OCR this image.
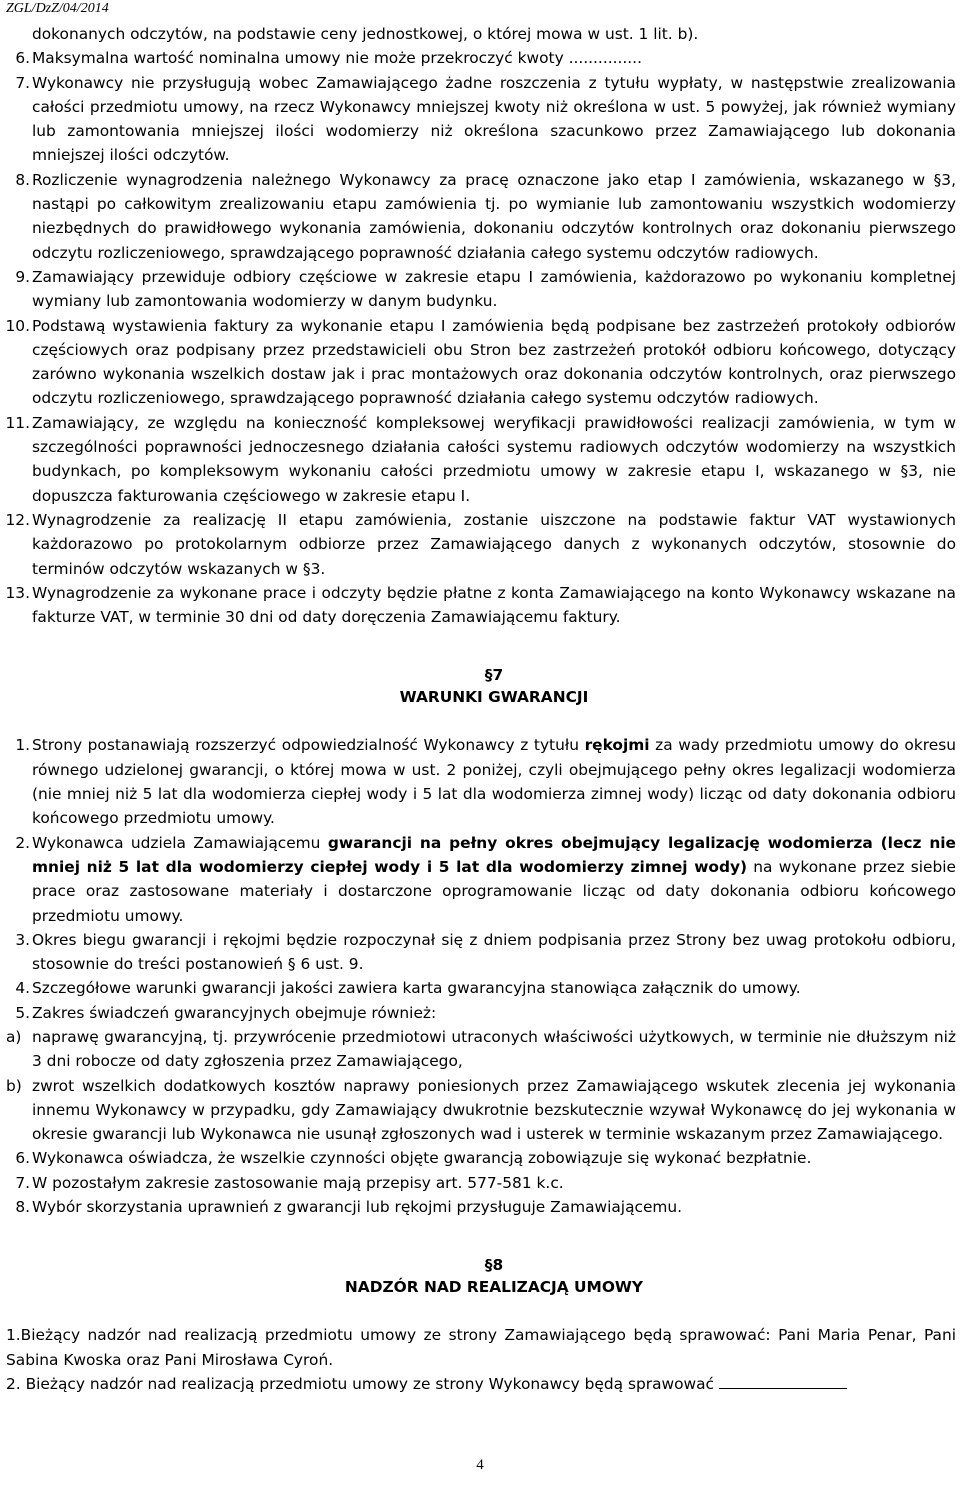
ZGL/DzZ/04/2014
dokonanych odczytów, na podstawie ceny jednostkowej, o której mowa w ust. 1 lit. b).
6. Maksymalna wartość nominalna umowy nie może przekroczyć kwoty ...............
7. Wykonawcy nie przysługują wobec Zamawiającego żadne roszczenia z tytułu wypłaty, w następstwie zrealizowania całości przedmiotu umowy, na rzecz Wykonawcy mniejszej kwoty niż określona w ust. 5 powyżej, jak również wymiany lub zamontowania mniejszej ilości wodomierzy niż określona szacunkowo przez Zamawiającego lub dokonania mniejszej ilości odczytów.
8. Rozliczenie wynagrodzenia należnego Wykonawcy za pracę oznaczone jako etap I zamówienia, wskazanego w §3, nastąpi po całkowitym zrealizowaniu etapu zamówienia tj. po wymianie lub zamontowaniu wszystkich wodomierzy niezbędnych do prawidłowego wykonania zamówienia, dokonaniu odczytów kontrolnych oraz dokonaniu pierwszego odczytu rozliczeniowego, sprawdzającego poprawność działania całego systemu odczytów radiowych.
9. Zamawiający przewiduje odbiory częściowe w zakresie etapu I zamówienia, każdorazowo po wykonaniu kompletnej wymiany lub zamontowania wodomierzy w danym budynku.
10. Podstawą wystawienia faktury za wykonanie etapu I zamówienia będą podpisane bez zastrzeżeń protokoły odbiorów częściowych oraz podpisany przez przedstawicieli obu Stron bez zastrzeżeń protokół odbioru końcowego, dotyczący zarówno wykonania wszelkich dostaw jak i prac montażowych oraz dokonania odczytów kontrolnych, oraz pierwszego odczytu rozliczeniowego, sprawdzającego poprawność działania całego systemu odczytów radiowych.
11. Zamawiający, ze względu na konieczność kompleksowej weryfikacji prawidłowości realizacji zamówienia, w tym w szczególności poprawności jednoczesnego działania całości systemu radiowych odczytów wodomierzy na wszystkich budynkach, po kompleksowym wykonaniu całości przedmiotu umowy w zakresie etapu I, wskazanego w §3, nie dopuszcza fakturowania częściowego w zakresie etapu I.
12. Wynagrodzenie za realizację II etapu zamówienia, zostanie uiszczone na podstawie faktur VAT wystawionych każdorazowo po protokolarnym odbiorze przez Zamawiającego danych z wykonanych odczytów, stosownie do terminów odczytów wskazanych w §3.
13. Wynagrodzenie za wykonane prace i odczyty będzie płatne z konta Zamawiającego na konto Wykonawcy wskazane na fakturze VAT, w terminie 30 dni od daty doręczenia Zamawiającemu faktury.
§7
WARUNKI GWARANCJI
1. Strony postanawiają rozszerzyć odpowiedzialność Wykonawcy z tytułu rękojmi za wady przedmiotu umowy do okresu równego udzielonej gwarancji, o której mowa w ust. 2 poniżej, czyli obejmującego pełny okres legalizacji wodomierza (nie mniej niż 5 lat dla wodomierza ciepłej wody i 5 lat dla wodomierza zimnej wody) licząc od daty dokonania odbioru końcowego przedmiotu umowy.
2. Wykonawca udziela Zamawiającemu gwarancji na pełny okres obejmujący legalizację wodomierza (lecz nie mniej niż 5 lat dla wodomierzy ciepłej wody i 5 lat dla wodomierzy zimnej wody) na wykonane przez siebie prace oraz zastosowane materiały i dostarczone oprogramowanie licząc od daty dokonania odbioru końcowego przedmiotu umowy.
3. Okres biegu gwarancji i rękojmi będzie rozpoczynał się z dniem podpisania przez Strony bez uwag protokołu odbioru, stosownie do treści postanowień § 6 ust. 9.
4. Szczegółowe warunki gwarancji jakości zawiera karta gwarancyjna stanowiąca załącznik do umowy.
5. Zakres świadczeń gwarancyjnych obejmuje również:
a) naprawę gwarancyjną, tj. przywrócenie przedmiotowi utraconych właściwości użytkowych, w terminie nie dłuższym niż 3 dni robocze od daty zgłoszenia przez Zamawiającego,
b) zwrot wszelkich dodatkowych kosztów naprawy poniesionych przez Zamawiającego wskutek zlecenia jej wykonania innemu Wykonawcy w przypadku, gdy Zamawiający dwukrotnie bezskutecznie wzywał Wykonawcę do jej wykonania w okresie gwarancji lub Wykonawca nie usunął zgłoszonych wad i usterek w terminie wskazanym przez Zamawiającego.
6. Wykonawca oświadcza, że wszelkie czynności objęte gwarancją zobowiązuje się wykonać bezpłatnie.
7. W pozostałym zakresie zastosowanie mają przepisy art. 577-581 k.c.
8. Wybór skorzystania uprawnień z gwarancji lub rękojmi przysługuje Zamawiającemu.
§8
NADZÓR NAD REALIZACJĄ UMOWY
1.Bieżący nadzór nad realizacją przedmiotu umowy ze strony Zamawiającego będą sprawować: Pani Maria Penar, Pani Sabina Kwoska oraz Pani Mirosława Cyroń.
2. Bieżący nadzór nad realizacją przedmiotu umowy ze strony Wykonawcy będą sprawować
4
